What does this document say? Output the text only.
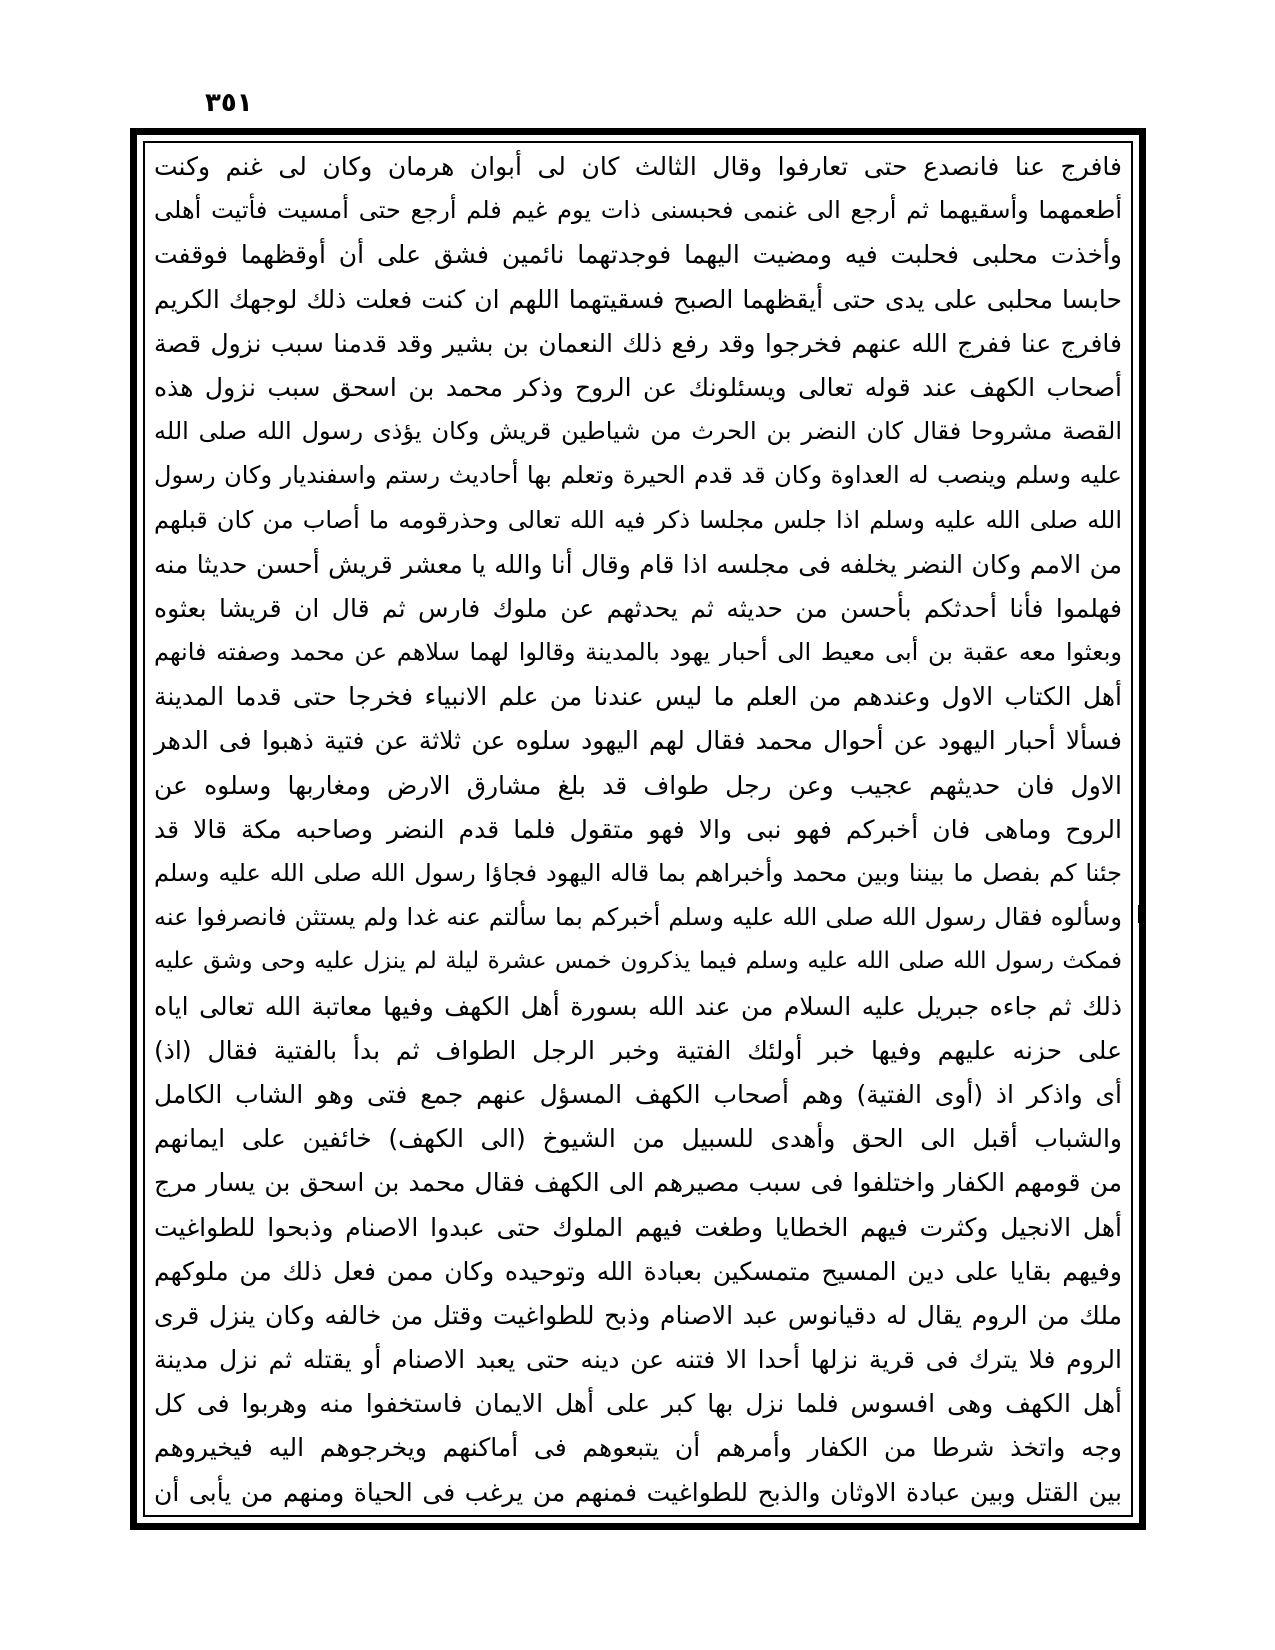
٣٥١
فافرج عنا فانصدع حتى تعارفوا وقال الثالث كان لى أبوان هرمان وكان لى غنم وكنت
أطعمهما وأسقيهما ثم أرجع الى غنمى فحبسنى ذات يوم غيم فلم أرجع حتى أمسيت فأتيت أهلى
وأخذت محلبى فحلبت فيه ومضيت اليهما فوجدتهما نائمين فشق على أن أوقظهما فوقفت
حابسا محلبى على يدى حتى أيقظهما الصبح فسقيتهما اللهم ان كنت فعلت ذلك لوجهك الكريم
فافرج عنا ففرج الله عنهم فخرجوا وقد رفع ذلك النعمان بن بشير وقد قدمنا سبب نزول قصة
أصحاب الكهف عند قوله تعالى ويسئلونك عن الروح وذكر محمد بن اسحق سبب نزول هذه
القصة مشروحا فقال كان النضر بن الحرث من شياطين قريش وكان يؤذى رسول الله صلى الله
عليه وسلم وينصب له العداوة وكان قد قدم الحيرة وتعلم بها أحاديث رستم واسفنديار وكان رسول
الله صلى الله عليه وسلم اذا جلس مجلسا ذكر فيه الله تعالى وحذرقومه ما أصاب من كان قبلهم
من الامم وكان النضر يخلفه فى مجلسه اذا قام وقال أنا والله يا معشر قريش أحسن حديثا منه
فهلموا فأنا أحدثكم بأحسن من حديثه ثم يحدثهم عن ملوك فارس ثم قال ان قريشا بعثوه
وبعثوا معه عقبة بن أبى معيط الى أحبار يهود بالمدينة وقالوا لهما سلاهم عن محمد وصفته فانهم
أهل الكتاب الاول وعندهم من العلم ما ليس عندنا من علم الانبياء فخرجا حتى قدما المدينة
فسألا أحبار اليهود عن أحوال محمد فقال لهم اليهود سلوه عن ثلاثة عن فتية ذهبوا فى الدهر
الاول فان حديثهم عجيب وعن رجل طواف قد بلغ مشارق الارض ومغاربها وسلوه عن
الروح وماهى فان أخبركم فهو نبى والا فهو متقول فلما قدم النضر وصاحبه مكة قالا قد
جئنا كم بفصل ما بيننا وبين محمد وأخبراهم بما قاله اليهود فجاؤا رسول الله صلى الله عليه وسلم
وسألوه فقال رسول الله صلى الله عليه وسلم أخبركم بما سألتم عنه غدا ولم يستثن فانصرفوا عنه
فمكث رسول الله صلى الله عليه وسلم فيما يذكرون خمس عشرة ليلة لم ينزل عليه وحى وشق عليه
ذلك ثم جاءه جبريل عليه السلام من عند الله بسورة أهل الكهف وفيها معاتبة الله تعالى اياه
على حزنه عليهم وفيها خبر أولئك الفتية وخبر الرجل الطواف ثم بدأ بالفتية فقال (اذ)
أى واذكر اذ (أوى الفتية) وهم أصحاب الكهف المسؤل عنهم جمع فتى وهو الشاب الكامل
والشباب أقبل الى الحق وأهدى للسبيل من الشيوخ (الى الكهف) خائفين على ايمانهم
من قومهم الكفار واختلفوا فى سبب مصيرهم الى الكهف فقال محمد بن اسحق بن يسار مرج
أهل الانجيل وكثرت فيهم الخطايا وطغت فيهم الملوك حتى عبدوا الاصنام وذبحوا للطواغيت
وفيهم بقايا على دين المسيح متمسكين بعبادة الله وتوحيده وكان ممن فعل ذلك من ملوكهم
ملك من الروم يقال له دقيانوس عبد الاصنام وذبح للطواغيت وقتل من خالفه وكان ينزل قرى
الروم فلا يترك فى قرية نزلها أحدا الا فتنه عن دينه حتى يعبد الاصنام أو يقتله ثم نزل مدينة
أهل الكهف وهى افسوس فلما نزل بها كبر على أهل الايمان فاستخفوا منه وهربوا فى كل
وجه واتخذ شرطا من الكفار وأمرهم أن يتبعوهم فى أماكنهم ويخرجوهم اليه فيخيروهم
بين القتل وبين عبادة الاوثان والذبح للطواغيت فمنهم من يرغب فى الحياة ومنهم من يأبى أن
